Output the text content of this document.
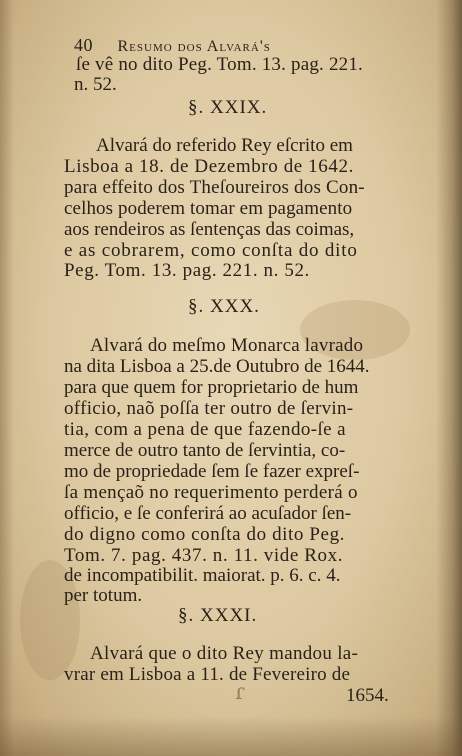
40 Resumo dos Alvará's
ſe vê no dito Peg. Tom. 13. pag. 221.
n. 52.
§. XXIX.
Alvará do referido Rey eſcrito em
Lisboa a 18. de Dezembro de 1642.
para effeito dos Theſoureiros dos Con-
celhos poderem tomar em pagamento
aos rendeiros as ſentenças das coimas,
e as cobrarem, como conſta do dito
Peg. Tom. 13. pag. 221. n. 52.
§. XXX.
Alvará do meſmo Monarca lavrado
na dita Lisboa a 25.de Outubro de 1644.
para que quem for proprietario de hum
officio, naõ poſſa ter outro de ſervin-
tia, com a pena de que fazendo-ſe a
merce de outro tanto de ſervintia, co-
mo de propriedade ſem ſe fazer expreſ-
ſa mençaõ no requerimento perderá o
officio, e ſe conferirá ao acuſador ſen-
do digno como conſta do dito Peg.
Tom. 7. pag. 437. n. 11. vide Rox.
de incompatibilit. maiorat. p. 6. c. 4.
per totum.
§. XXXI.
Alvará que o dito Rey mandou la-
vrar em Lisboa a 11. de Fevereiro de
1654.
ɾ
